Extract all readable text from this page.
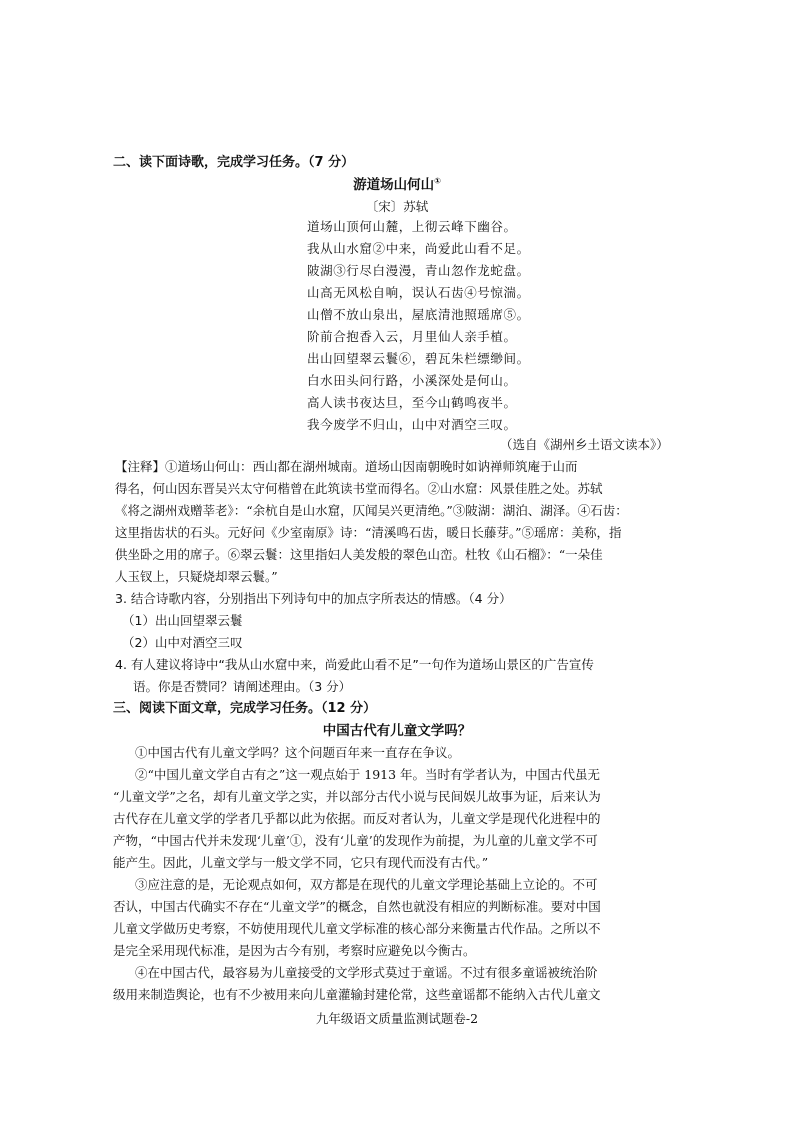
二、读下面诗歌，完成学习任务。（7 分）
游道场山何山①
〔宋〕苏轼
道场山顶何山麓，上彻云峰下幽谷。
我从山水窟②中来，尚爱此山看不足。
陂湖③行尽白漫漫，青山忽作龙蛇盘。
山高无风松自响，误认石齿④号惊湍。
山僧不放山泉出，屋底清池照瑶席⑤。
阶前合抱香入云，月里仙人亲手植。
出山回望翠云鬟⑥，碧瓦朱栏缥缈间。
白水田头问行路，小溪深处是何山。
高人读书夜达旦，至今山鹤鸣夜半。
我今废学不归山，山中对酒空三叹。
（选自《湖州乡土语文读本》）
【注释】①道场山何山：西山都在湖州城南。道场山因南朝晚时如讷禅师筑庵于山而
得名，何山因东晋吴兴太守何楷曾在此筑读书堂而得名。②山水窟：风景佳胜之处。苏轼
《将之湖州戏赠莘老》：“余杭自是山水窟，仄闻吴兴更清绝。”③陂湖：湖泊、湖泽。④石齿：
这里指齿状的石头。元好问《少室南原》诗：“清溪鸣石齿，暖日长藤芽。”⑤瑶席：美称，指
供坐卧之用的席子。⑥翠云鬟：这里指妇人美发般的翠色山峦。杜牧《山石榴》：“一朵佳
人玉钗上，只疑烧却翠云鬟。”
3. 结合诗歌内容，分别指出下列诗句中的加点字所表达的情感。（4 分）
（1）出山回望翠云鬟
（2）山中对酒空三叹
4. 有人建议将诗中“我从山水窟中来，尚爱此山看不足”一句作为道场山景区的广告宣传
语。你是否赞同？请阐述理由。（3 分）
三、阅读下面文章，完成学习任务。（12 分）
中国古代有儿童文学吗？
①中国古代有儿童文学吗？这个问题百年来一直存在争议。
②“中国儿童文学自古有之”这一观点始于 1913 年。当时有学者认为，中国古代虽无
“儿童文学”之名，却有儿童文学之实，并以部分古代小说与民间娱儿故事为证，后来认为
古代存在儿童文学的学者几乎都以此为依据。而反对者认为，儿童文学是现代化进程中的
产物，“中国古代并未发现‘儿童’①，没有‘儿童’的发现作为前提，为儿童的儿童文学不可
能产生。因此，儿童文学与一般文学不同，它只有现代而没有古代。”
③应注意的是，无论观点如何，双方都是在现代的儿童文学理论基础上立论的。不可
否认，中国古代确实不存在“儿童文学”的概念，自然也就没有相应的判断标准。要对中国
儿童文学做历史考察，不妨使用现代儿童文学标准的核心部分来衡量古代作品。之所以不
是完全采用现代标准，是因为古今有别，考察时应避免以今衡古。
④在中国古代，最容易为儿童接受的文学形式莫过于童谣。不过有很多童谣被统治阶
级用来制造舆论，也有不少被用来向儿童灌输封建伦常，这些童谣都不能纳入古代儿童文
九年级语文质量监测试题卷-2
